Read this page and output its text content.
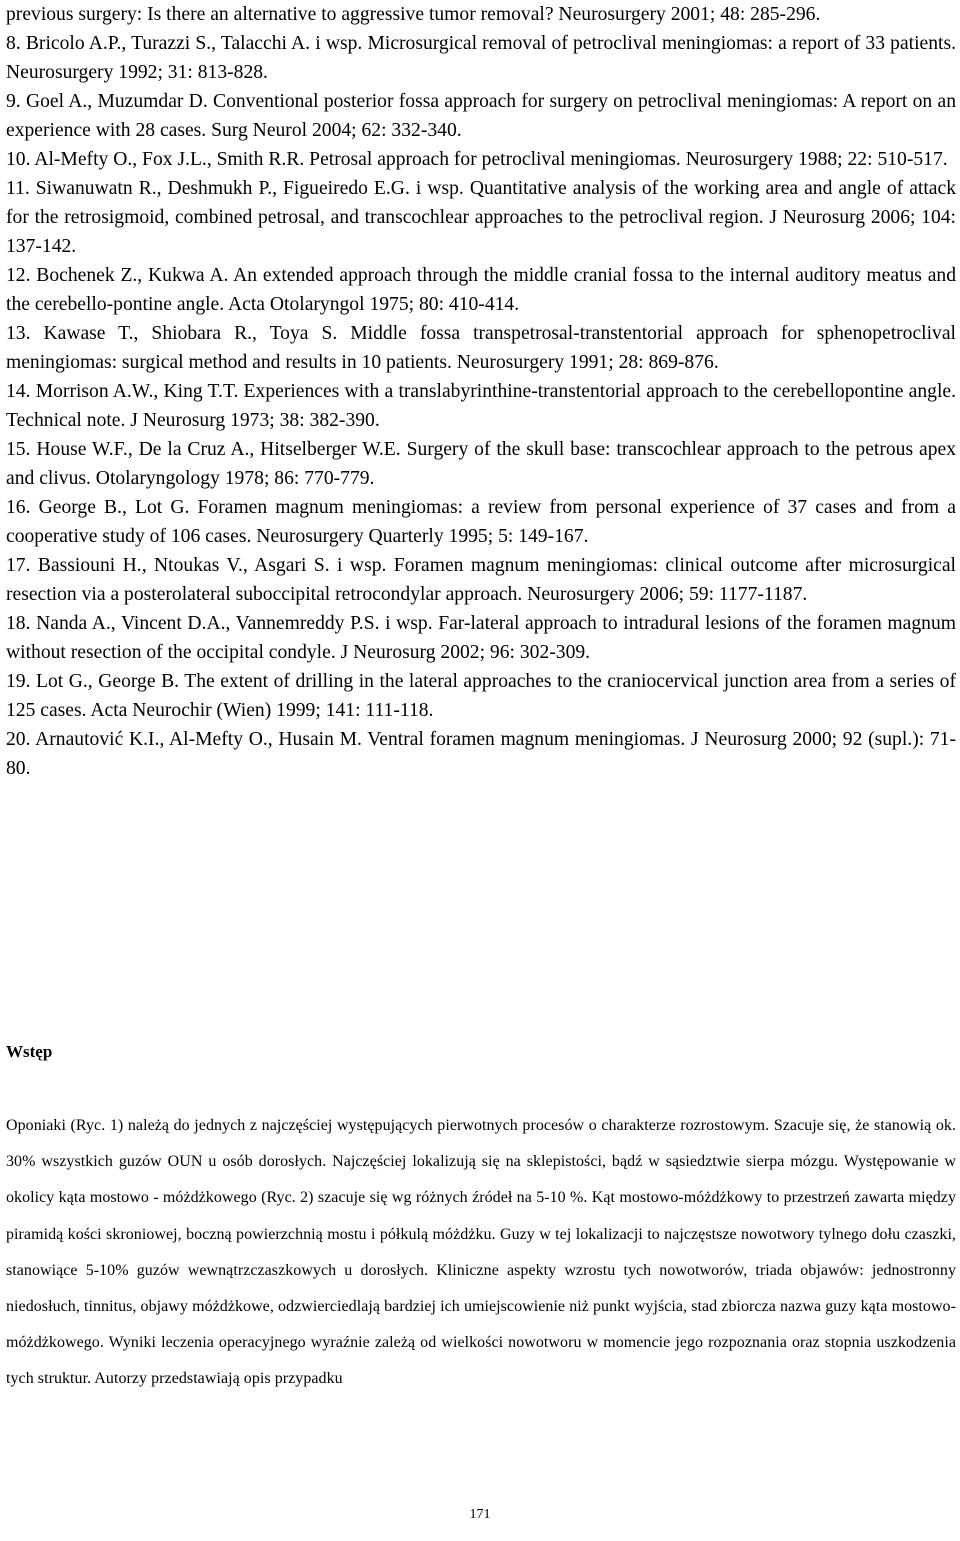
previous surgery: Is there an alternative to aggressive tumor removal? Neurosurgery 2001; 48: 285-296.

8. Bricolo A.P., Turazzi S., Talacchi A. i wsp. Microsurgical removal of petroclival meningiomas: a report of 33 patients. Neurosurgery 1992; 31: 813-828.

9. Goel A., Muzumdar D. Conventional posterior fossa approach for surgery on petroclival meningiomas: A report on an experience with 28 cases. Surg Neurol 2004; 62: 332-340.

10. Al-Mefty O., Fox J.L., Smith R.R. Petrosal approach for petroclival meningiomas. Neurosurgery 1988; 22: 510-517.

11. Siwanuwatn R., Deshmukh P., Figueiredo E.G. i wsp. Quantitative analysis of the working area and angle of attack for the retrosigmoid, combined petrosal, and transcochlear approaches to the petroclival region. J Neurosurg 2006; 104: 137-142.

12. Bochenek Z., Kukwa A. An extended approach through the middle cranial fossa to the internal auditory meatus and the cerebello-pontine angle. Acta Otolaryngol 1975; 80: 410-414.

13. Kawase T., Shiobara R., Toya S. Middle fossa transpetrosal-transtentorial approach for sphenopetroclival meningiomas: surgical method and results in 10 patients. Neurosurgery 1991; 28: 869-876.

14. Morrison A.W., King T.T. Experiences with a translabyrinthine-transtentorial approach to the cerebellopontine angle. Technical note. J Neurosurg 1973; 38: 382-390.

15. House W.F., De la Cruz A., Hitselberger W.E. Surgery of the skull base: transcochlear approach to the petrous apex and clivus. Otolaryngology 1978; 86: 770-779.

16. George B., Lot G. Foramen magnum meningiomas: a review from personal experience of 37 cases and from a cooperative study of 106 cases. Neurosurgery Quarterly 1995; 5: 149-167.

17. Bassiouni H., Ntoukas V., Asgari S. i wsp. Foramen magnum meningiomas: clinical outcome after microsurgical resection via a posterolateral suboccipital retrocondylar approach. Neurosurgery 2006; 59: 1177-1187.

18. Nanda A., Vincent D.A., Vannemreddy P.S. i wsp. Far-lateral approach to intradural lesions of the foramen magnum without resection of the occipital condyle. J Neurosurg 2002; 96: 302-309.

19. Lot G., George B. The extent of drilling in the lateral approaches to the craniocervical junction area from a series of 125 cases. Acta Neurochir (Wien) 1999; 141: 111-118.

20. Arnautović K.I., Al-Mefty O., Husain M. Ventral foramen magnum meningiomas. J Neurosurg 2000; 92 (supl.): 71-80.

Wstęp
Oponiaki (Ryc. 1) należą do jednych z najczęściej występujących pierwotnych procesów o charakterze rozrostowym. Szacuje się, że stanowią ok. 30% wszystkich guzów OUN u osób dorosłych. Najczęściej lokalizują się na sklepistości, bądź w sąsiedztwie sierpa mózgu. Występowanie w okolicy kąta mostowo - móżdżkowego (Ryc. 2) szacuje się wg różnych źródeł na 5-10 %. Kąt mostowo-móżdżkowy to przestrzeń zawarta między piramidą kości skroniowej, boczną powierzchnią mostu i półkulą móżdżku. Guzy w tej lokalizacji to najczęstsze nowotwory tylnego dołu czaszki, stanowiące 5-10% guzów wewnątrzczaszkowych u dorosłych. Kliniczne aspekty wzrostu tych nowotworów, triada objawów: jednostronny niedosłuch, tinnitus, objawy móżdżkowe, odzwierciedlają bardziej ich umiejscowienie niż punkt wyjścia, stad zbiorcza nazwa guzy kąta mostowo- móżdżkowego. Wyniki leczenia operacyjnego wyraźnie zależą od wielkości nowotworu w momencie jego rozpoznania oraz stopnia uszkodzenia tych struktur. Autorzy przedstawiają opis przypadku
171
